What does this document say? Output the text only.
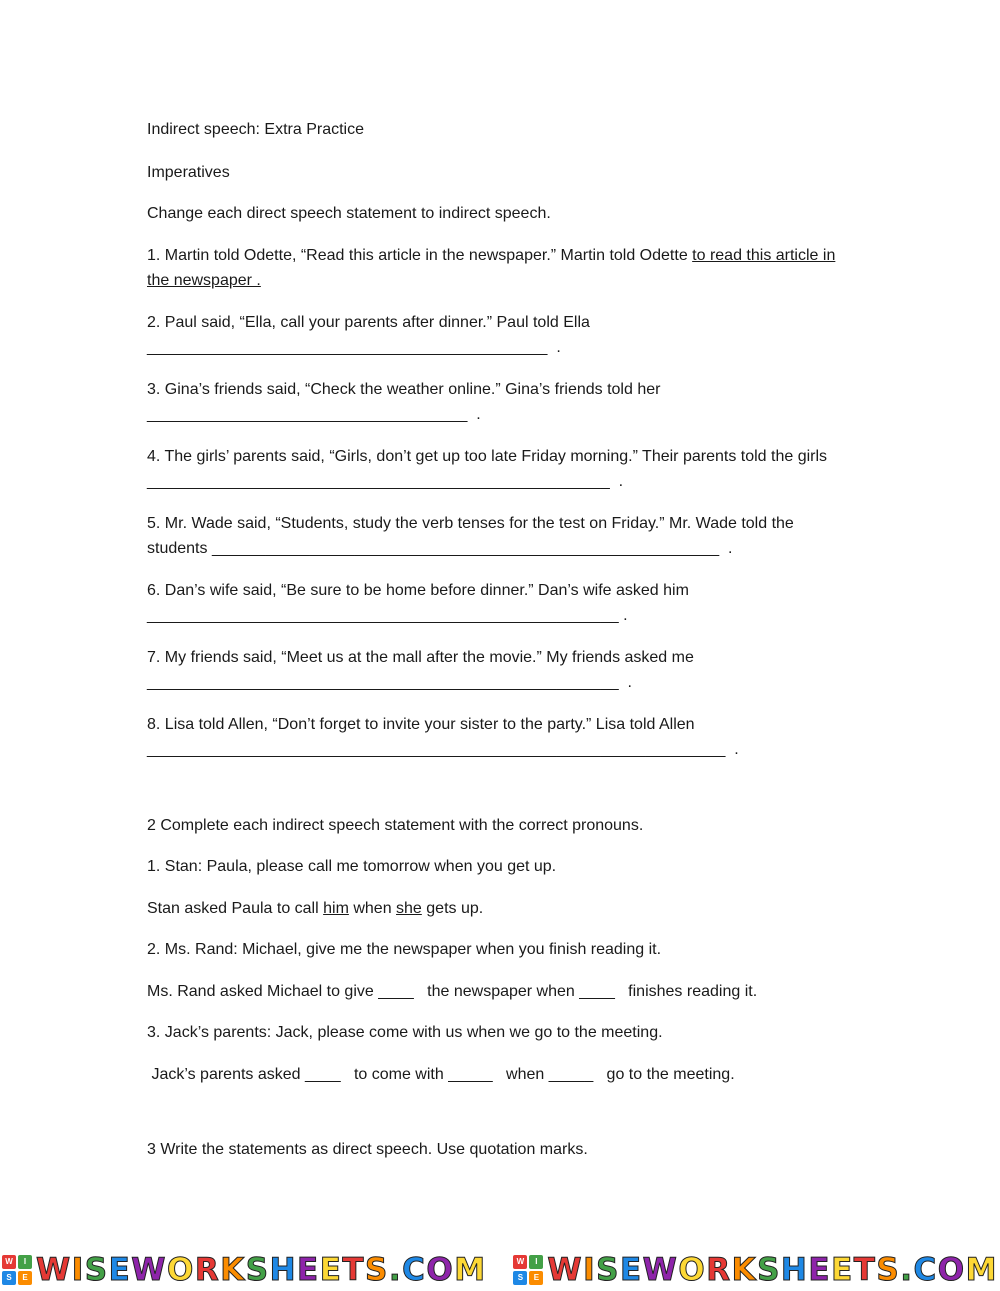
Indirect speech: Extra Practice

Imperatives

Change each direct speech statement to indirect speech.

1. Martin told Odette, “Read this article in the newspaper.” Martin told Odette to read this article in the newspaper .

2. Paul said, “Ella, call your parents after dinner.” Paul told Ella
_____________________________________________  .

3. Gina’s friends said, “Check the weather online.” Gina’s friends told her
____________________________________  .

4. The girls’ parents said, “Girls, don’t get up too late Friday morning.” Their parents told the girls ____________________________________________________  .

5. Mr. Wade said, “Students, study the verb tenses for the test on Friday.” Mr. Wade told the students _________________________________________________________  .

6. Dan’s wife said, “Be sure to be home before dinner.” Dan’s wife asked him
_____________________________________________________ .

7. My friends said, “Meet us at the mall after the movie.” My friends asked me
_____________________________________________________  .

8. Lisa told Allen, “Don’t forget to invite your sister to the party.” Lisa told Allen
_________________________________________________________________  .

2 Complete each indirect speech statement with the correct pronouns.

1. Stan: Paula, please call me tomorrow when you get up.

Stan asked Paula to call him when she gets up.

2. Ms. Rand: Michael, give me the newspaper when you finish reading it.

Ms. Rand asked Michael to give ____   the newspaper when ____   finishes reading it.

3. Jack’s parents: Jack, please come with us when we go to the meeting.

Jack’s parents asked ____   to come with _____   when _____   go to the meeting.

3 Write the statements as direct speech. Use quotation marks.

W	I
S	E WISEWORKSHEETS.COM	W	I
S	E WISEWORKSHEETS.COM
